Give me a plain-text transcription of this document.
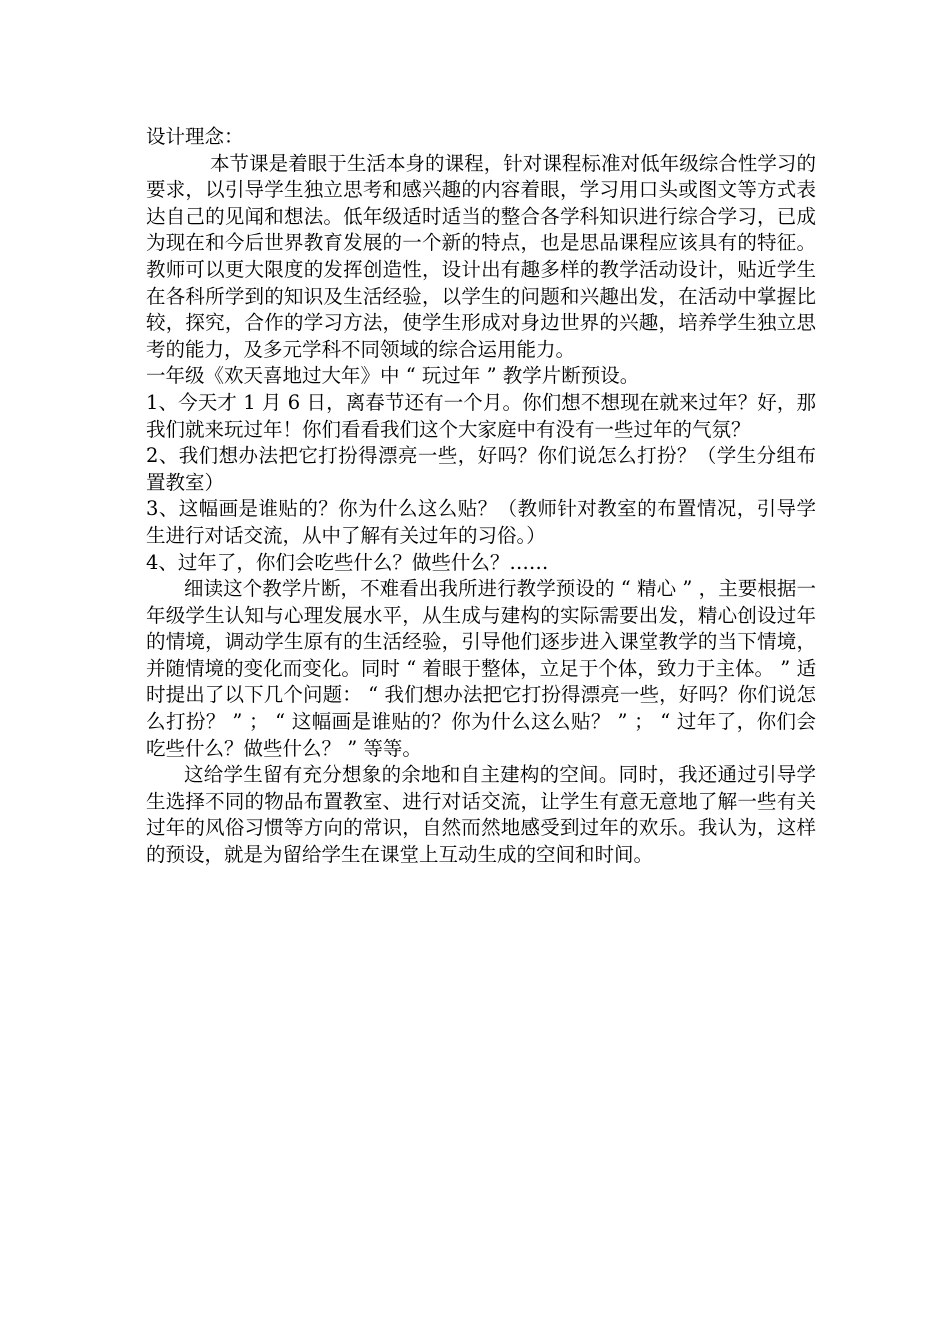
设计理念：

本节课是着眼于生活本身的课程，针对课程标准对低年级综合性学习的要求，以引导学生独立思考和感兴趣的内容着眼，学习用口头或图文等方式表达自己的见闻和想法。低年级适时适当的整合各学科知识进行综合学习，已成为现在和今后世界教育发展的一个新的特点，也是思品课程应该具有的特征。教师可以更大限度的发挥创造性，设计出有趣多样的教学活动设计，贴近学生在各科所学到的知识及生活经验，以学生的问题和兴趣出发，在活动中掌握比较，探究，合作的学习方法，使学生形成对身边世界的兴趣，培养学生独立思考的能力，及多元学科不同领域的综合运用能力。

一年级《欢天喜地过大年》中 “ 玩过年 ” 教学片断预设。

1、今天才 1 月 6 日，离春节还有一个月。你们想不想现在就来过年？好，那我们就来玩过年！你们看看我们这个大家庭中有没有一些过年的气氛？

2、我们想办法把它打扮得漂亮一些，好吗？你们说怎么打扮？（学生分组布置教室）

3、这幅画是谁贴的？你为什么这么贴？（教师针对教室的布置情况，引导学生进行对话交流，从中了解有关过年的习俗。）

4、过年了，你们会吃些什么？做些什么？……

细读这个教学片断，不难看出我所进行教学预设的 “ 精心 ” ，主要根据一年级学生认知与心理发展水平，从生成与建构的实际需要出发，精心创设过年的情境，调动学生原有的生活经验，引导他们逐步进入课堂教学的当下情境，并随情境的变化而变化。同时 “ 着眼于整体，立足于个体，致力于主体。 ” 适时提出了以下几个问题： “ 我们想办法把它打扮得漂亮一些，好吗？你们说怎么打扮？ ” ； “ 这幅画是谁贴的？你为什么这么贴？ ” ； “ 过年了，你们会吃些什么？做些什么？ ” 等等。

这给学生留有充分想象的余地和自主建构的空间。同时，我还通过引导学生选择不同的物品布置教室、进行对话交流，让学生有意无意地了解一些有关过年的风俗习惯等方向的常识，自然而然地感受到过年的欢乐。我认为，这样的预设，就是为留给学生在课堂上互动生成的空间和时间。
